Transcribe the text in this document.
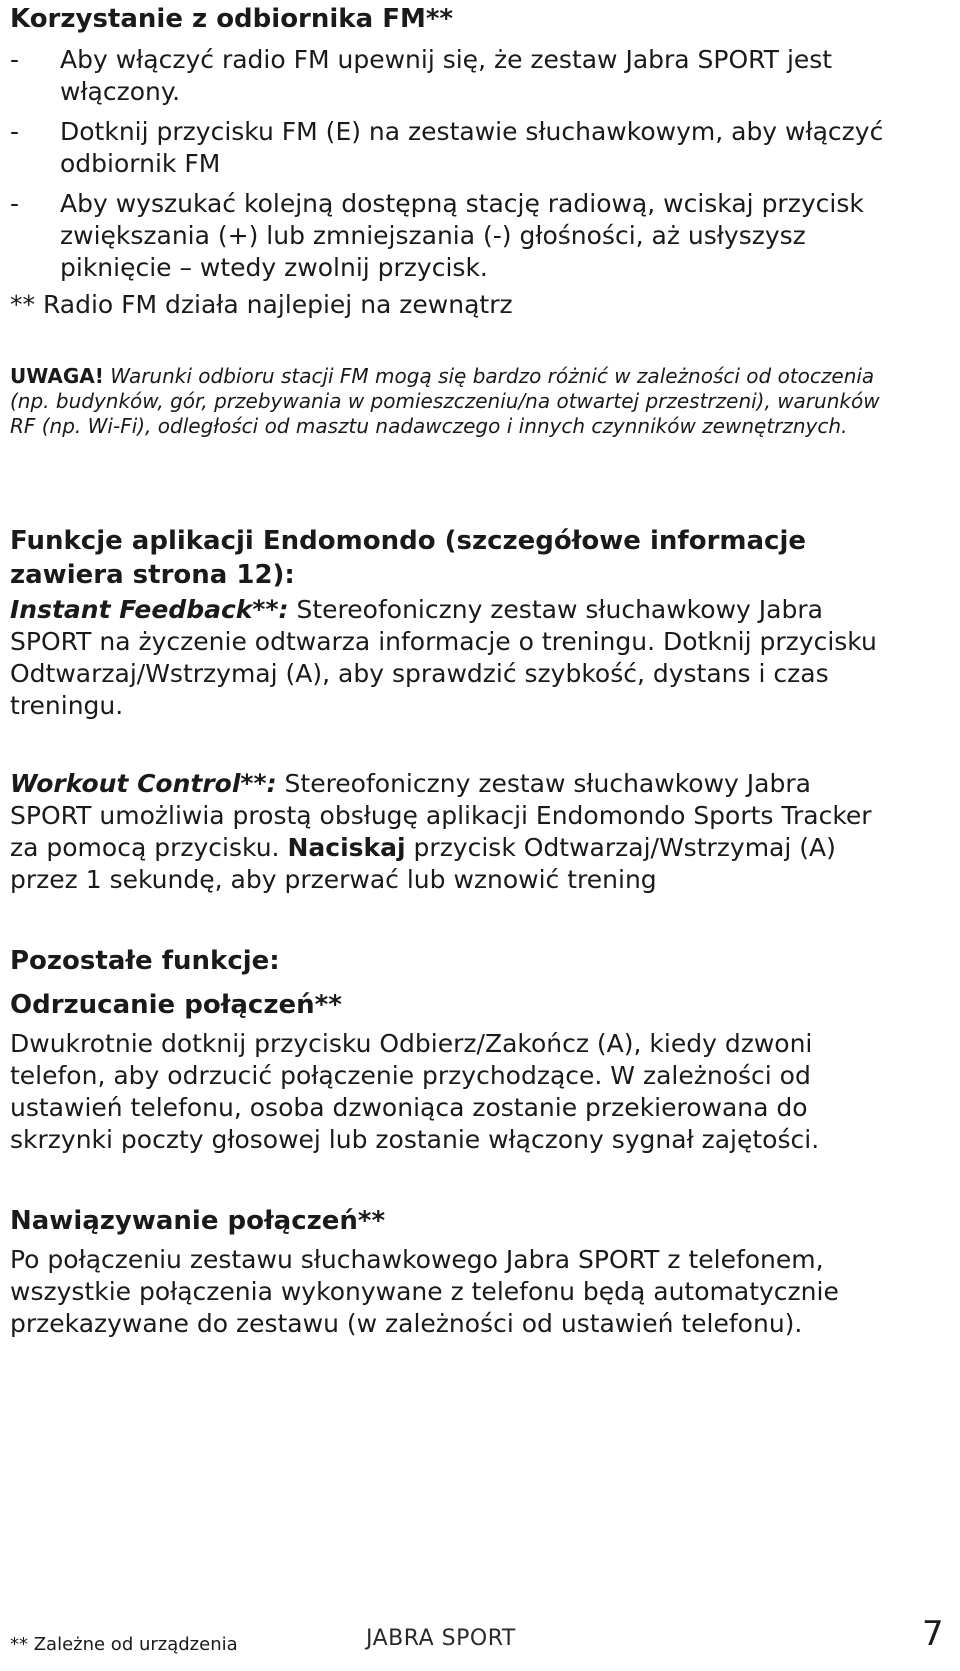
Korzystanie z odbiornika FM**
- Aby włączyć radio FM upewnij się, że zestaw Jabra SPORT jest włączony.
- Dotknij przycisku FM (E) na zestawie słuchawkowym, aby włączyć odbiornik FM
- Aby wyszukać kolejną dostępną stację radiową, wciskaj przycisk zwiększania (+) lub zmniejszania (-) głośności, aż usłyszysz piknięcie – wtedy zwolnij przycisk.
** Radio FM działa najlepiej na zewnątrz
UWAGA! Warunki odbioru stacji FM mogą się bardzo różnić w zależności od otoczenia (np. budynków, gór, przebywania w pomieszczeniu/na otwartej przestrzeni), warunków RF (np. Wi-Fi), odległości od masztu nadawczego i innych czynników zewnętrznych.
Funkcje aplikacji Endomondo (szczegółowe informacje zawiera strona 12):
Instant Feedback**: Stereofoniczny zestaw słuchawkowy Jabra SPORT na życzenie odtwarza informacje o treningu. Dotknij przycisku Odtwarzaj/Wstrzymaj (A), aby sprawdzić szybkość, dystans i czas treningu.
Workout Control**: Stereofoniczny zestaw słuchawkowy Jabra SPORT umożliwia prostą obsługę aplikacji Endomondo Sports Tracker za pomocą przycisku. Naciskaj przycisk Odtwarzaj/Wstrzymaj (A) przez 1 sekundę, aby przerwać lub wznowić trening
Pozostałe funkcje:
Odrzucanie połączeń**
Dwukrotnie dotknij przycisku Odbierz/Zakończ (A), kiedy dzwoni telefon, aby odrzucić połączenie przychodzące. W zależności od ustawień telefonu, osoba dzwoniąca zostanie przekierowana do skrzynki poczty głosowej lub zostanie włączony sygnał zajętości.
Nawiązywanie połączeń**
Po połączeniu zestawu słuchawkowego Jabra SPORT z telefonem, wszystkie połączenia wykonywane z telefonu będą automatycznie przekazywane do zestawu (w zależności od ustawień telefonu).
** Zależne od urządzenia	JABRA SPORT	7
